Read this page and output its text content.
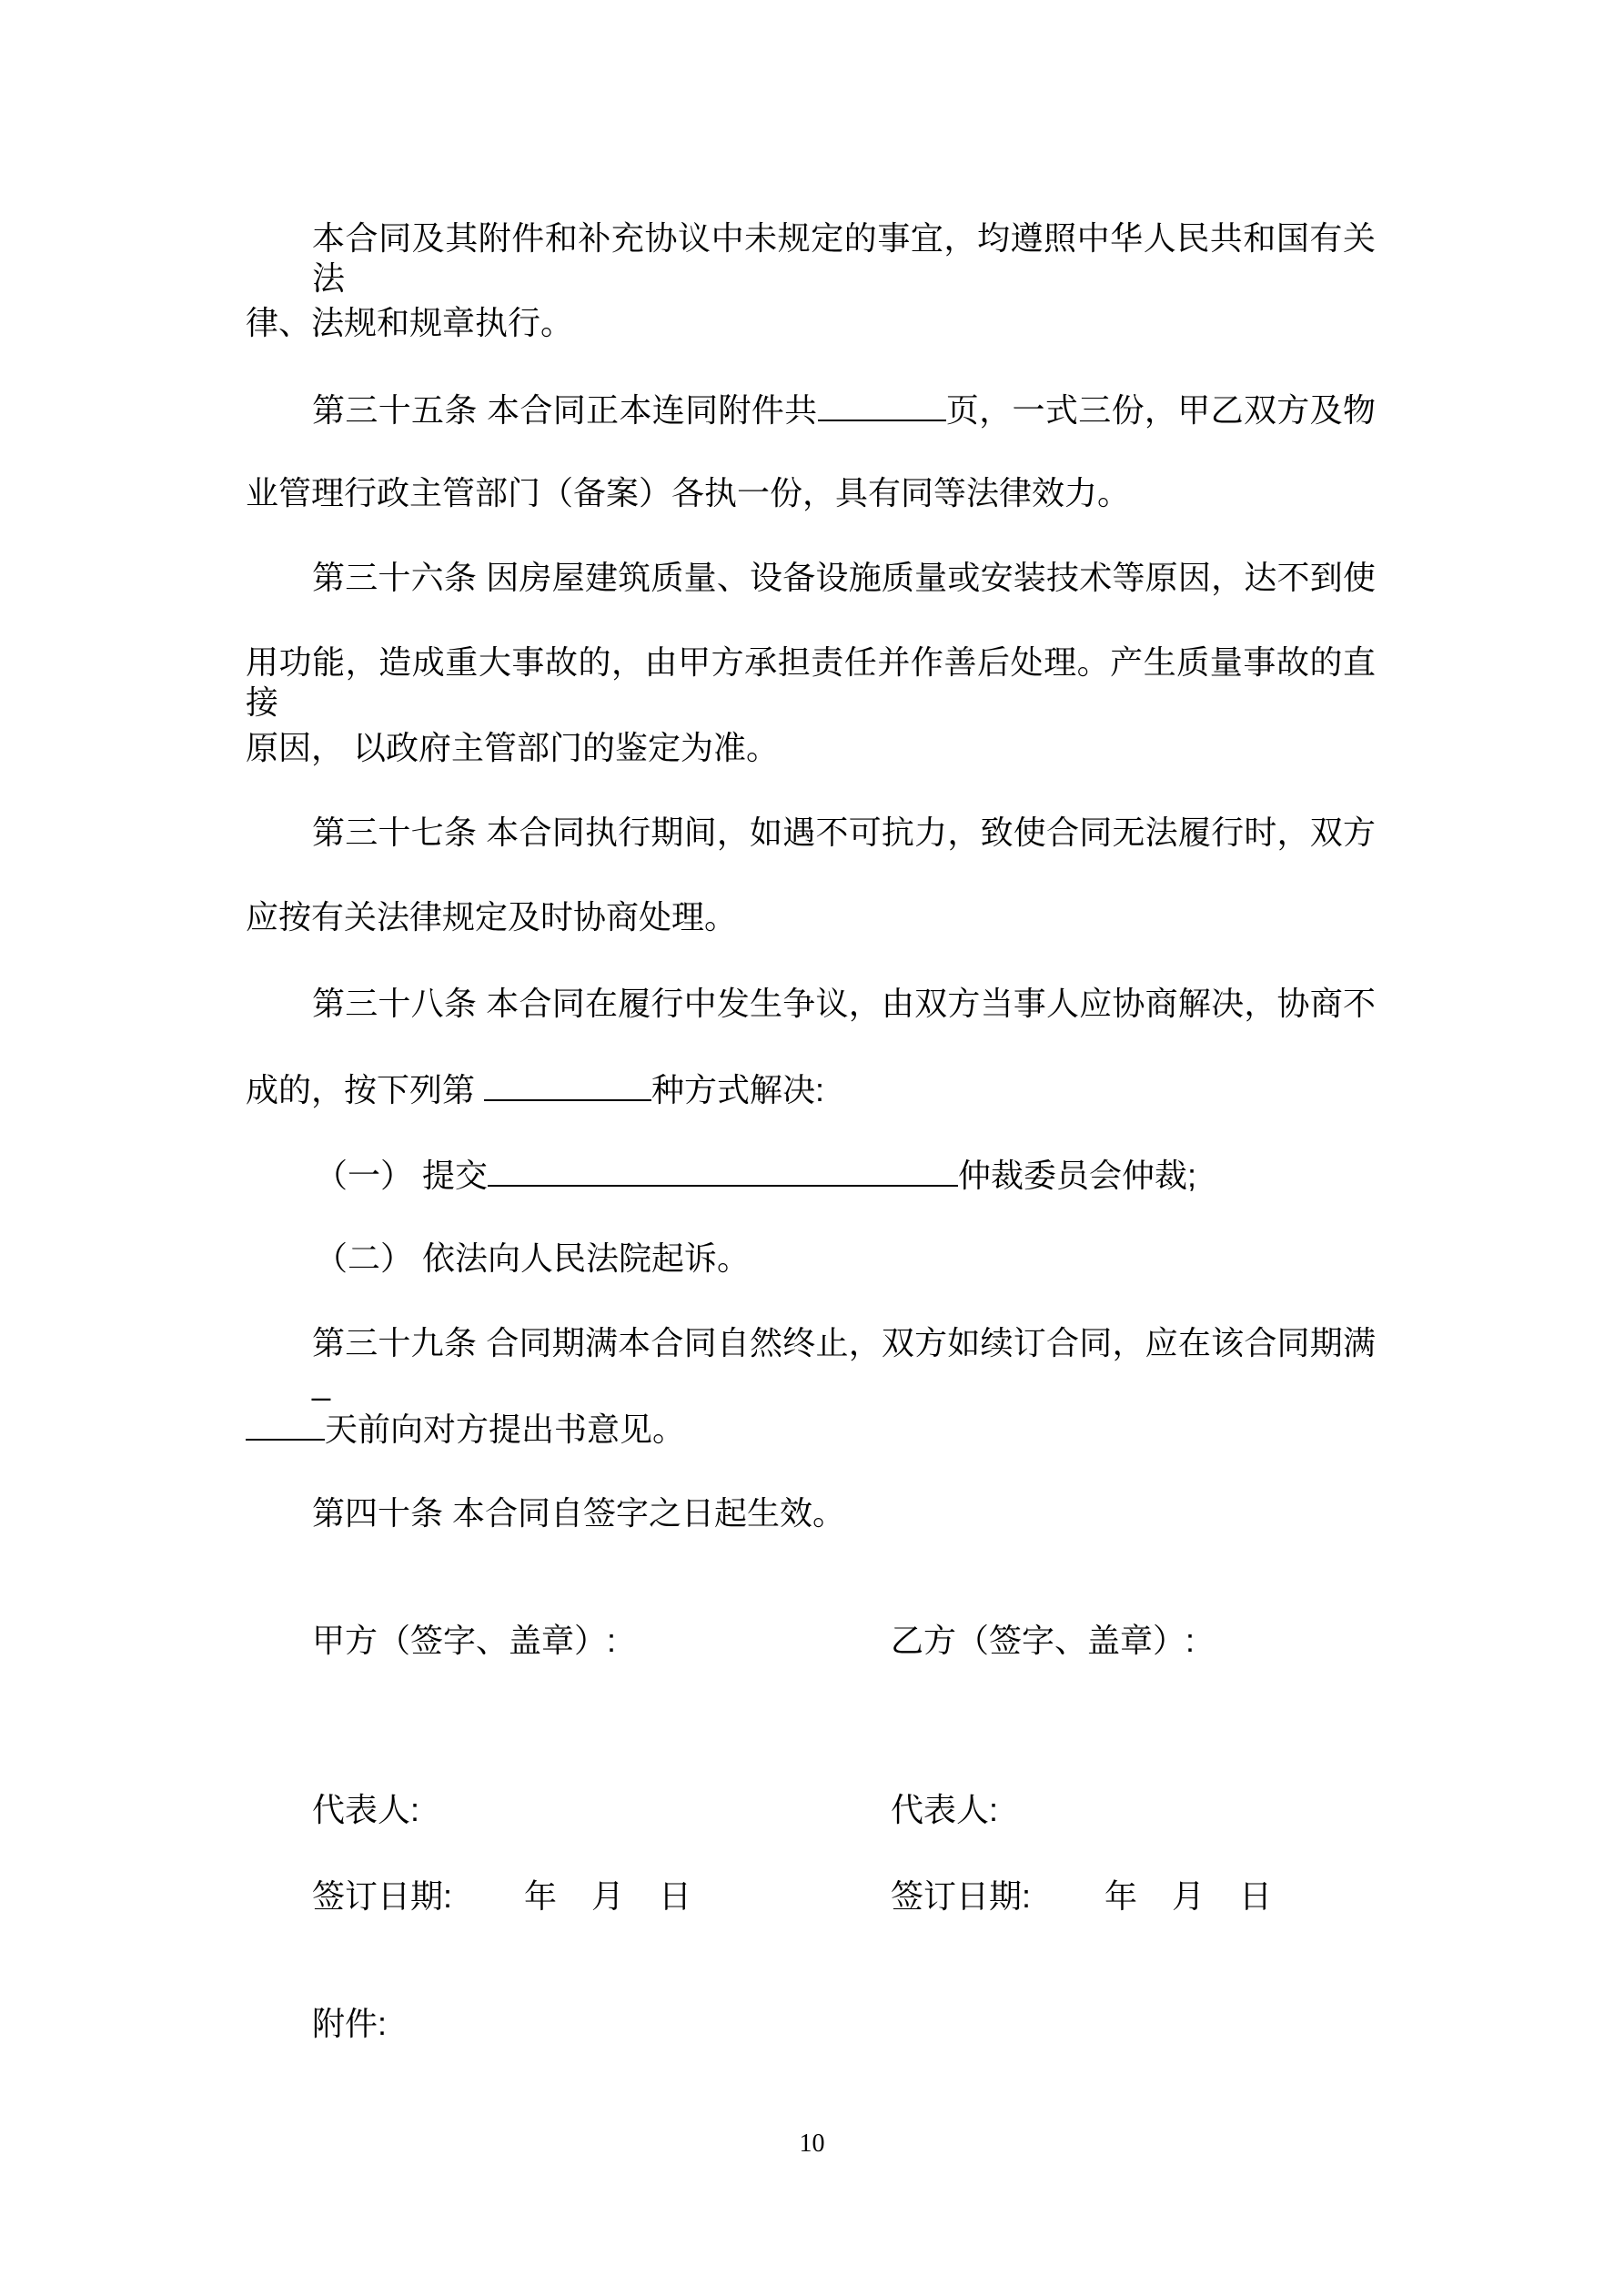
本合同及其附件和补充协议中未规定的事宜，均遵照中华人民共和国有关法
律、法规和规章执行。
第三十五条 本合同正本连同附件共	页，一式三份，甲乙双方及物
业管理行政主管部门（备案）各执一份，具有同等法律效力。
第三十六条 因房屋建筑质量、设备设施质量或安装技术等原因，达不到使
用功能，造成重大事故的，由甲方承担责任并作善后处理。产生质量事故的直接
原因， 以政府主管部门的鉴定为准。
第三十七条 本合同执行期间，如遇不可抗力，致使合同无法履行时，双方
应按有关法律规定及时协商处理。
第三十八条 本合同在履行中发生争议，由双方当事人应协商解决，协商不
成的，按下列第	种方式解决:
（一） 提交	仲裁委员会仲裁;
（二） 依法向人民法院起诉。
第三十九条 合同期满本合同自然终止，双方如续订合同，应在该合同期满_
天前向对方提出书意见。
第四十条 本合同自签字之日起生效。
甲方（签字、盖章）:	乙方（签字、盖章）:
代表人:	代表人:
签订日期: 年 月 日	签订日期: 年 月 日
附件:
10
